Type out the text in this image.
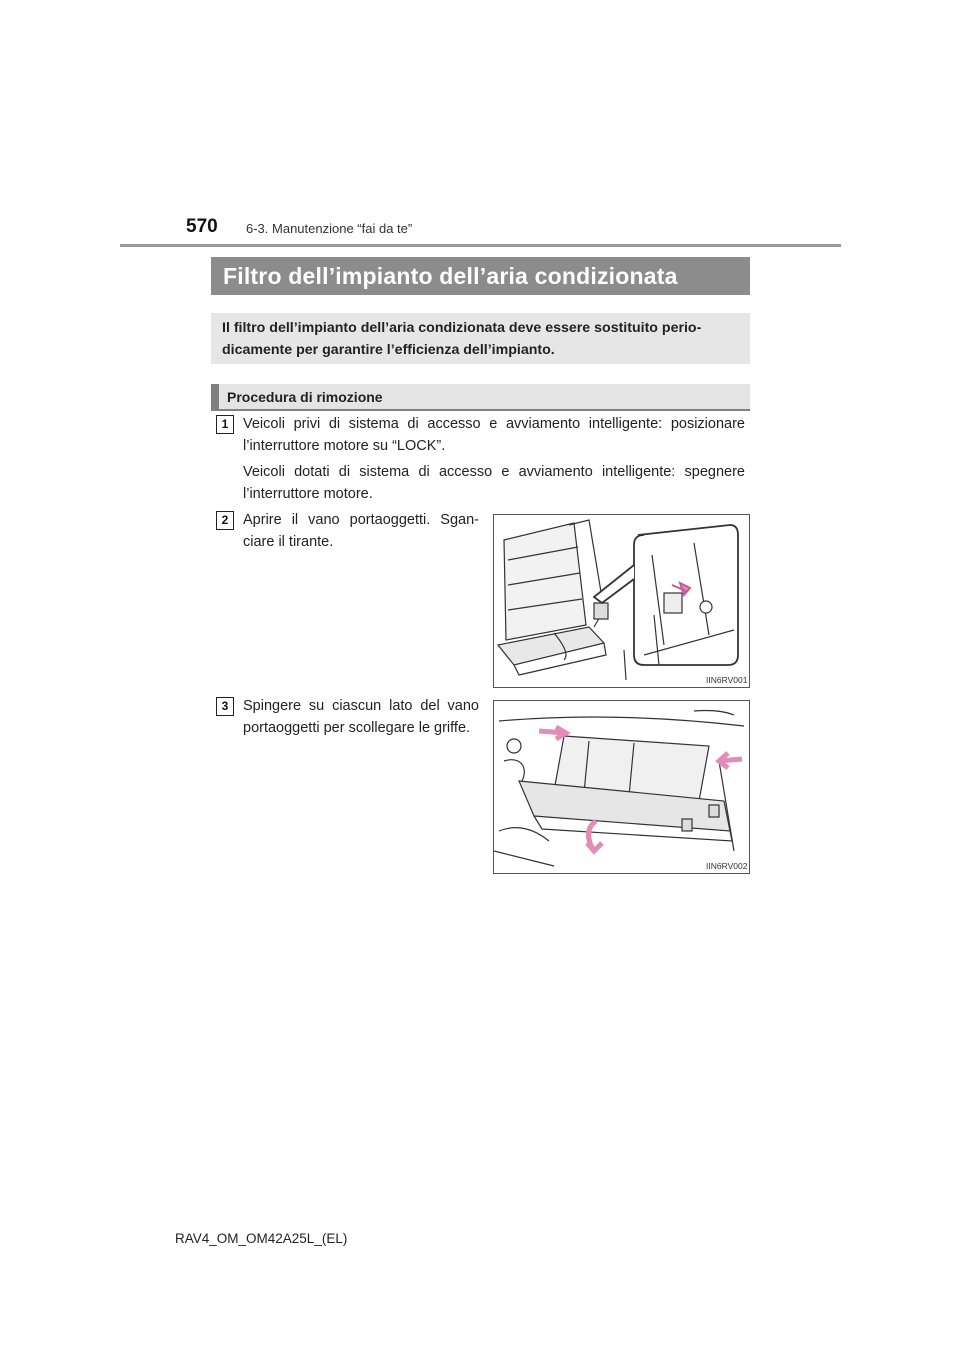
570 6-3. Manutenzione “fai da te”
Filtro dell’impianto dell’aria condizionata
Il filtro dell’impianto dell’aria condizionata deve essere sostituito perio-dicamente per garantire l’efficienza dell’impianto.
Procedura di rimozione
1	Veicoli privi di sistema di accesso e avviamento intelligente: posizionare l’interruttore motore su “LOCK”.
Veicoli dotati di sistema di accesso e avviamento intelligente: spegnere l’interruttore motore.
2	Aprire il vano portaoggetti. Sgan-ciare il tirante.
IIN6RV001
3	Spingere su ciascun lato del vano portaoggetti per scollegare le griffe.
IIN6RV002
RAV4_OM_OM42A25L_(EL)
